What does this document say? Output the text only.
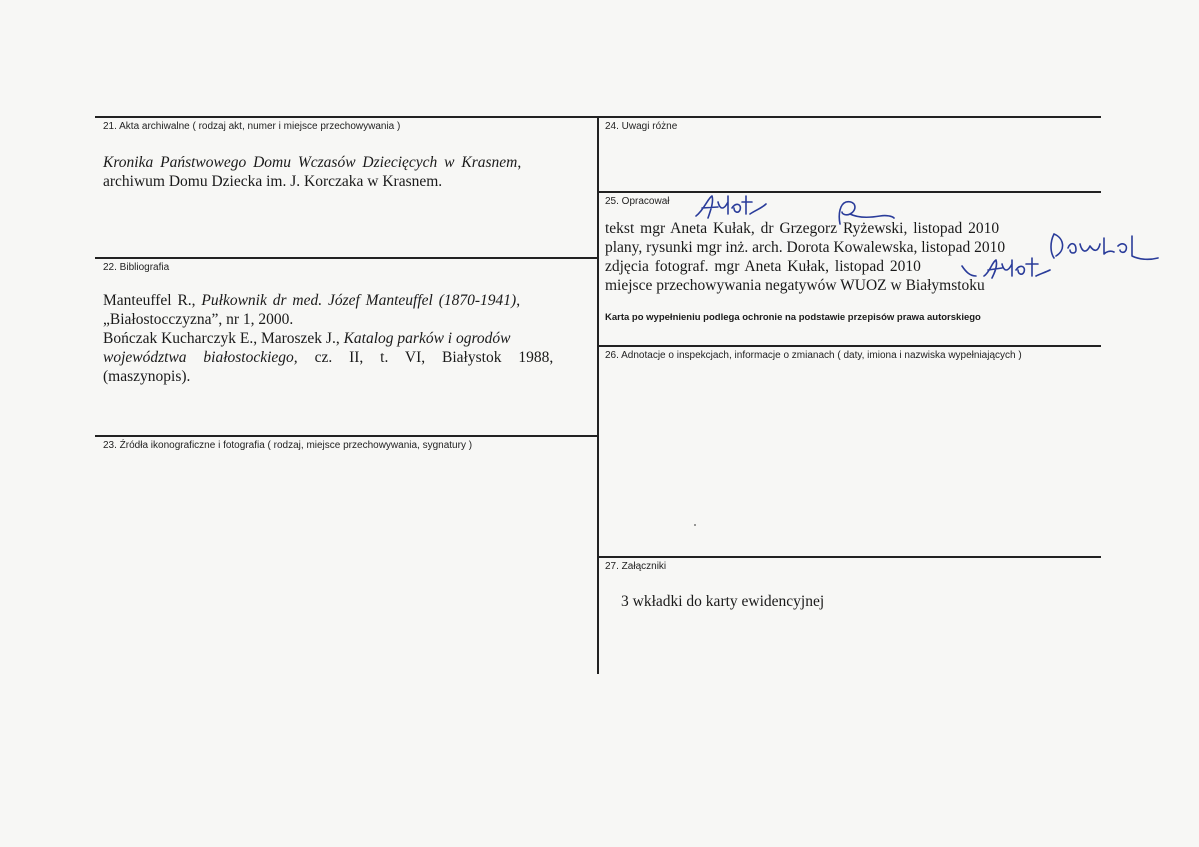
21. Akta archiwalne ( rodzaj akt, numer i miejsce przechowywania )
Kronika Państwowego Domu Wczasów Dziecięcych w Krasnem,
archiwum Domu Dziecka im. J. Korczaka w Krasnem.
22. Bibliografia
Manteuffel R., Pułkownik dr med. Józef Manteuffel (1870-1941),
„Białostocczyzna”, nr 1, 2000.
Bończak Kucharczyk E., Maroszek J., Katalog parków i ogrodów
województwa białostockiego, cz. II, t. VI, Białystok 1988,
(maszynopis).
23. Źródła ikonograficzne i fotografia ( rodzaj, miejsce przechowywania, sygnatury )
24. Uwagi różne
25. Opracował
tekst mgr Aneta Kułak, dr Grzegorz Ryżewski, listopad 2010
plany, rysunki mgr inż. arch. Dorota Kowalewska, listopad 2010
zdjęcia fotograf. mgr Aneta Kułak, listopad 2010
miejsce przechowywania negatywów WUOZ w Białymstoku
Karta po wypełnieniu podlega ochronie na podstawie przepisów prawa autorskiego
26. Adnotacje o inspekcjach, informacje o zmianach ( daty, imiona i nazwiska wypełniających )
27. Załączniki
3 wkładki do karty ewidencyjnej
